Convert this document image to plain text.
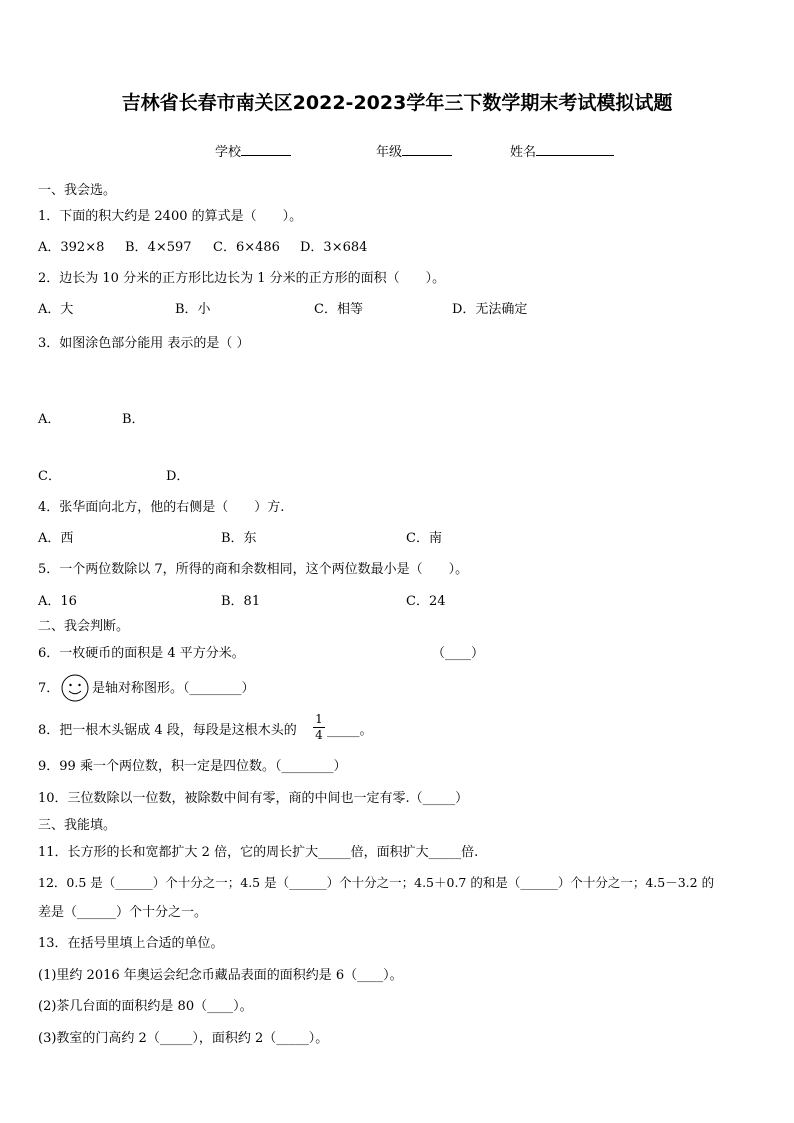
吉林省长春市南关区2022-2023学年三下数学期末考试模拟试题
学校	年级	姓名
一、我会选。
1．下面的积大约是 2400 的算式是（　　）。
A．392×8 B．4×597 C．6×486 D．3×684
2．边长为 10 分米的正方形比边长为 1 分米的正方形的面积（　　）。
A．大	B．小	C．相等	D．无法确定
3．如图涂色部分能用 表示的是（ ）
A．	B．
C．	D．
4．张华面向北方，他的右侧是（　　）方.
A．西	B．东	C．南
5．一个两位数除以 7，所得的商和余数相同，这个两位数最小是（　　）。
A．16	B．81	C．24
二、我会判断。
6．一枚硬币的面积是 4 平方分米。	（____）
7．	是轴对称图形。（________）
8．把一根木头锯成 4 段，每段是这根木头的
1
4 _____。
9．99 乘一个两位数，积一定是四位数。（________）
10．三位数除以一位数，被除数中间有零，商的中间也一定有零.（_____）
三、我能填。
11．长方形的长和宽都扩大 2 倍，它的周长扩大_____倍，面积扩大_____倍.
12．0.5 是（______）个十分之一；4.5 是（______）个十分之一；4.5＋0.7 的和是（______）个十分之一；4.5－3.2 的
差是（______）个十分之一。
13．在括号里填上合适的单位。
(1)里约 2016 年奥运会纪念币藏品表面的面积约是 6（____）。
(2)茶几台面的面积约是 80（____）。
(3)教室的门高约 2（_____），面积约 2（_____）。
